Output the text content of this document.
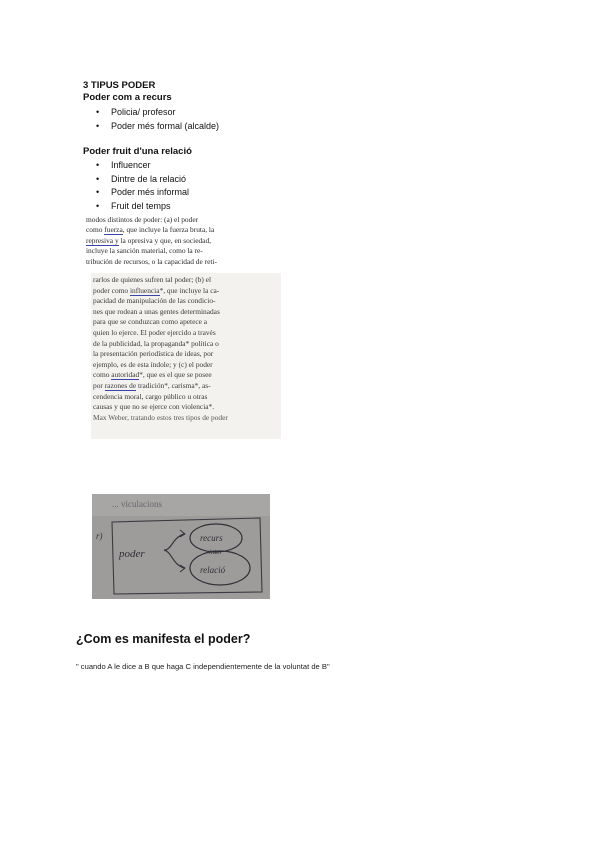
3 TIPUS PODER
Poder com a recurs
• Policia/ profesor
• Poder més formal (alcalde)
Poder fruit d'una relació
• Influencer
• Dintre de la relació
• Poder més informal
• Fruit del temps

modos distintos de poder: (a) el poder

como fuerza, que incluye la fuerza bruta, la

represiva y la opresiva y que, en sociedad,

incluye la sanción material, como la re-

tribución de recursos, o la capacidad de reti-

rarlos de quienes sufren tal poder; (b) el

poder como influencia*, que incluye la ca-

pacidad de manipulación de las condicio-

nes que rodean a unas gentes determinadas

para que se conduzcan como apetece a

quien lo ejerce. El poder ejercido a través

de la publicidad, la propaganda* política o

la presentación periodística de ideas, por

ejemplo, es de esta índole; y (c) el poder

como autoridad*, que es el que se posee

por razones de tradición*, carisma*, as-

cendencia moral, cargo público u otras

causas y que no se ejerce con violencia*.

Max Weber, tratando estos tres tipos de poder

... viculacions
r)
poder
recurs
inter
relació
¿Com es manifesta el poder?
" cuando A le dice a B que haga C independientemente de la voluntat de B"
